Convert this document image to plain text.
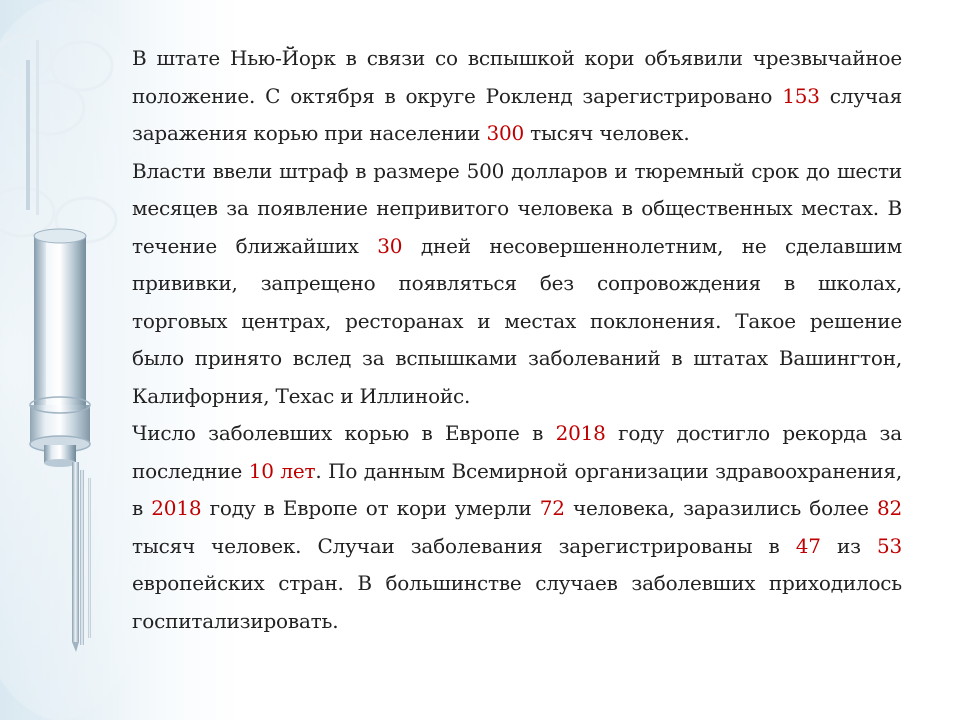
В штате Нью-Йорк в связи со вспышкой кори объявили чрезвычайное положение. С октября в округе Рокленд зарегистрировано 153 случая заражения корью при населении 300 тысяч человек.

Власти ввели штраф в размере 500 долларов и тюремный срок до шести месяцев за появление непривитого человека в общественных местах. В течение ближайших 30 дней несовершеннолетним, не сделавшим прививки, запрещено появляться без сопровождения в школах, торговых центрах, ресторанах и местах поклонения. Такое решение было принято вслед за вспышками заболеваний в штатах Вашингтон, Калифорния, Техас и Иллинойс.

Число заболевших корью в Европе в 2018 году достигло рекорда за последние 10 лет. По данным Всемирной организации здравоохранения, в 2018 году в Европе от кори умерли 72 человека, заразились более 82 тысяч человек. Случаи заболевания зарегистрированы в 47 из 53 европейских стран. В большинстве случаев заболевших приходилось госпитализировать.
